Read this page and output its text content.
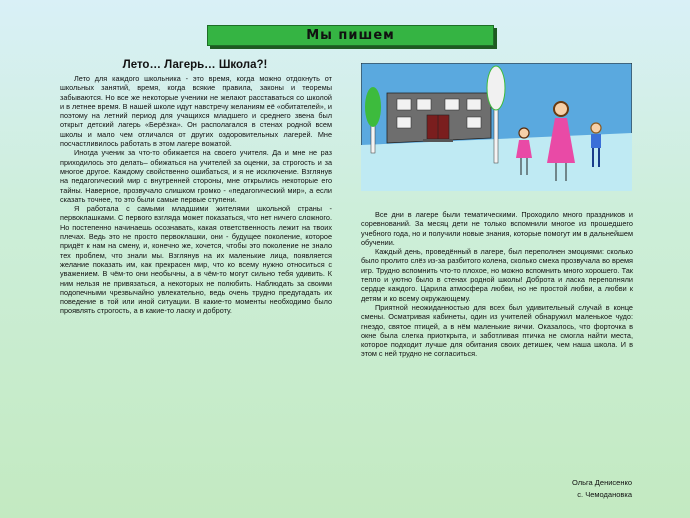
Мы пишем
Лето… Лагерь… Школа?!

Лето для каждого школьника - это время, когда можно отдохнуть от школьных занятий, время, когда всякие правила, законы и теоремы забываются. Но все же некоторые ученики не желают расставаться со школой и в летнее время. В нашей школе идут навстречу желаниям её «обитателей», и поэтому на летний период для учащихся младшего и среднего звена был открыт детский лагерь «Берёзка». Он располагался в стенах родной всем школы и мало чем отличался от других оздоровительных лагерей. Мне посчастливилось работать в этом лагере вожатой.

Иногда ученик за что-то обижается на своего учителя. Да и мне не раз приходилось это делать– обижаться на учителей за оценки, за строгость и за многое другое. Каждому свойственно ошибаться, и я не исключение. Взглянув на педагогический мир с внутренней стороны, мне открылись некоторые его тайны. Наверное, прозвучало слишком громко - «педагогический мир», а если сказать точнее, то это были самые первые ступени.

Я работала с самыми младшими жителями школьной страны - первоклашками. С первого взгляда может показаться, что нет ничего сложного. Но постепенно начинаешь осознавать, какая ответственность лежит на твоих плечах. Ведь это не просто первоклашки, они - будущее поколение, которое придёт к нам на смену, и, конечно же, хочется, чтобы это поколение не знало тех проблем, что знали мы. Взглянув на их маленькие лица, появляется желание показать им, как прекрасен мир, что ко всему нужно относиться с уважением. В чём-то они необычны, а в чём-то могут сильно тебя удивить. К ним нельзя не привязаться, а некоторых не полюбить. Наблюдать за своими подопечными чрезвычайно увлекательно, ведь очень трудно предугадать их поведение в той или иной ситуации. В какие-то моменты необходимо было проявлять строгость, а в какие-то ласку и доброту.

Все дни в лагере были тематическими. Проходило много праздников и соревнований. За месяц дети не только вспомнили многое из прошедшего учебного года, но и получили новые знания, которые помогут им в дальнейшем обучении.

Каждый день, проведённый в лагере, был переполнен эмоциями: сколько было пролито слёз из-за разбитого колена, сколько смеха прозвучала во время игр. Трудно вспомнить что-то плохое, но можно вспомнить много хорошего. Так тепло и уютно было в стенах родной школы! Доброта и ласка переполняли сердце каждого. Царила атмосфера любви, но не простой любви, а любви к детям и ко всему окружающему.

Приятной неожиданностью для всех был удивительный случай в конце смены. Осматривая кабинеты, один из учителей обнаружил маленькое чудо: гнездо, святое птицей, а в нём маленькие яички. Оказалось, что форточка в окне была слегка приоткрыта, и заботливая птичка не смогла найти места, которое подходит лучше для обитания своих детишек, чем наша школа. И в этом с ней трудно не согласиться.

Ольга Денисенко
с. Чемодановка
